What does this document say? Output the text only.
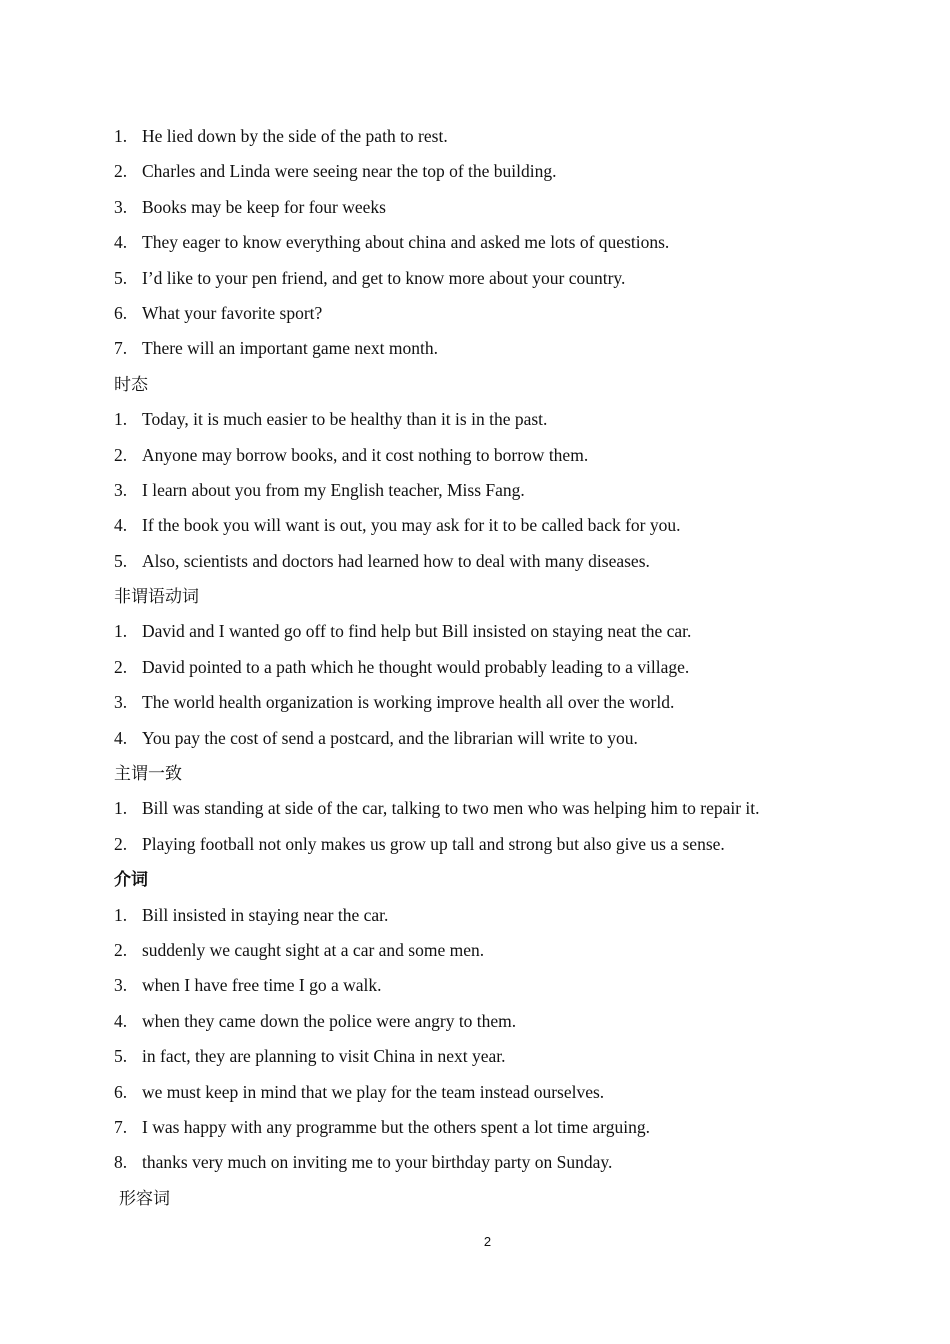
1. He lied down by the side of the path to rest.
2. Charles and Linda were seeing near the top of the building.
3. Books may be keep for four weeks
4. They eager to know everything about china and asked me lots of questions.
5. I’d like to your pen friend, and get to know more about your country.
6. What your favorite sport?
7. There will an important game next month.
时态
1. Today, it is much easier to be healthy than it is in the past.
2. Anyone may borrow books, and it cost nothing to borrow them.
3. I learn about you from my English teacher, Miss Fang.
4. If the book you will want is out, you may ask for it to be called back for you.
5. Also, scientists and doctors had learned how to deal with many diseases.
非谓语动词
1. David and I wanted go off to find help but Bill insisted on staying neat the car.
2. David pointed to a path which he thought would probably leading to a village.
3. The world health organization is working improve health all over the world.
4. You pay the cost of send a postcard, and the librarian will write to you.
主谓一致
1. Bill was standing at side of the car, talking to two men who was helping him to repair it.
2. Playing football not only makes us grow up tall and strong but also give us a sense.
介词
1. Bill insisted in staying near the car.
2. suddenly we caught sight at a car and some men.
3. when I have free time I go a walk.
4. when they came down the police were angry to them.
5. in fact, they are planning to visit China in next year.
6. we must keep in mind that we play for the team instead ourselves.
7. I was happy with any programme but the others spent a lot time arguing.
8. thanks very much on inviting me to your birthday party on Sunday.
形容词
2
